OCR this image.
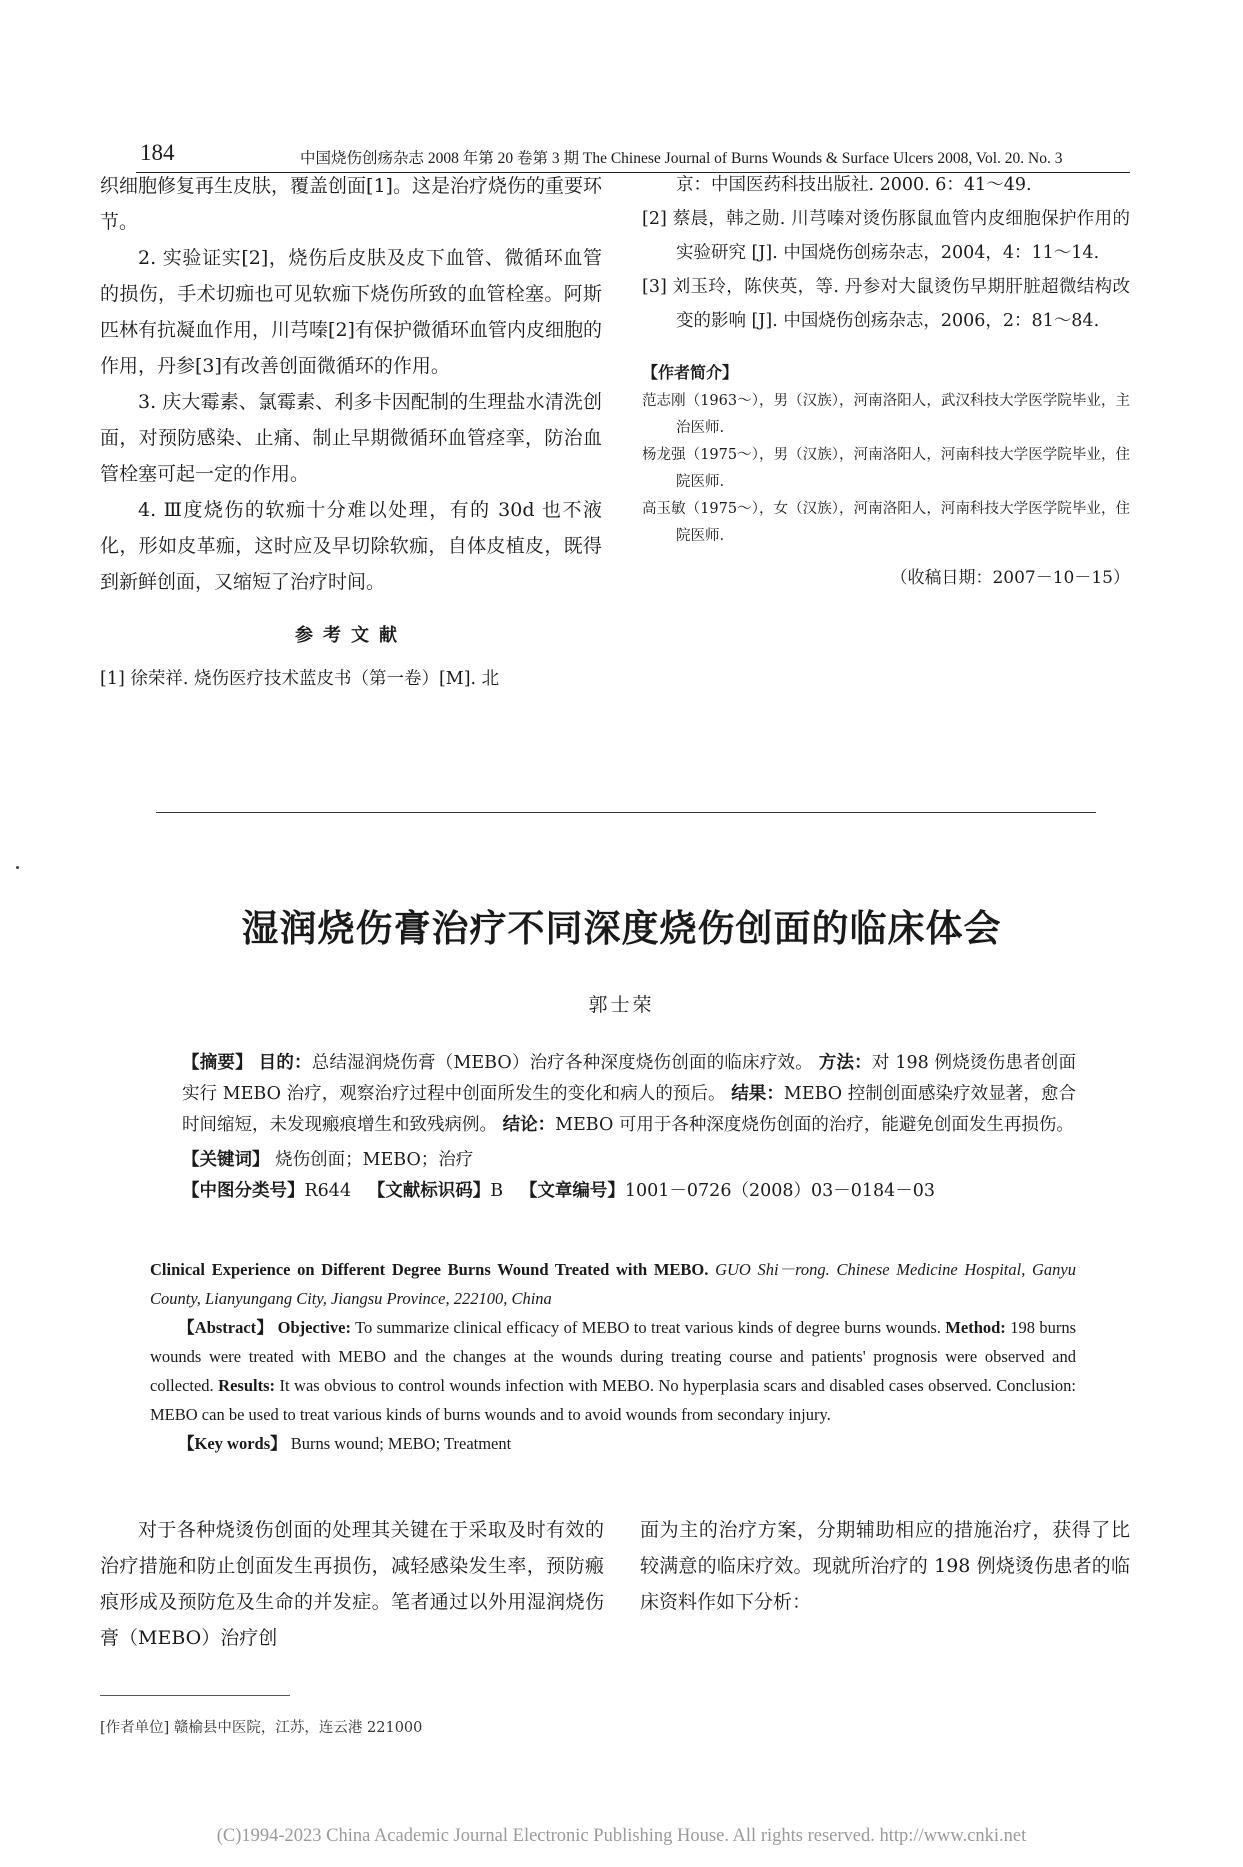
184	中国烧伤创疡杂志 2008 年第 20 卷第 3 期 The Chinese Journal of Burns Wounds & Surface Ulcers 2008, Vol. 20. No. 3

织细胞修复再生皮肤，覆盖创面[1]。这是治疗烧伤的重要环节。

2. 实验证实[2]，烧伤后皮肤及皮下血管、微循环血管的损伤，手术切痂也可见软痂下烧伤所致的血管栓塞。阿斯匹林有抗凝血作用，川芎嗪[2]有保护微循环血管内皮细胞的作用，丹参[3]有改善创面微循环的作用。

3. 庆大霉素、氯霉素、利多卡因配制的生理盐水清洗创面，对预防感染、止痛、制止早期微循环血管痉挛，防治血管栓塞可起一定的作用。

4. Ⅲ度烧伤的软痂十分难以处理，有的 30d 也不液化，形如皮革痂，这时应及早切除软痂，自体皮植皮，既得到新鲜创面，又缩短了治疗时间。

参考文献
[1] 徐荣祥. 烧伤医疗技术蓝皮书（第一卷）[M]. 北
京：中国医药科技出版社. 2000. 6：41～49.
[2] 蔡晨，韩之勋. 川芎嗪对烫伤豚鼠血管内皮细胞保护作用的实验研究 [J]. 中国烧伤创疡杂志，2004，4：11～14.
[3] 刘玉玲，陈侠英，等. 丹参对大鼠烫伤早期肝脏超微结构改变的影响 [J]. 中国烧伤创疡杂志，2006，2：81～84.
【作者简介】
范志刚（1963～），男（汉族），河南洛阳人，武汉科技大学医学院毕业，主治医师.
杨龙强（1975～），男（汉族），河南洛阳人，河南科技大学医学院毕业，住院医师.
高玉敏（1975～），女（汉族），河南洛阳人，河南科技大学医学院毕业，住院医师.
（收稿日期：2007－10－15）
湿润烧伤膏治疗不同深度烧伤创面的临床体会
郭士荣

【摘要】 目的：总结湿润烧伤膏（MEBO）治疗各种深度烧伤创面的临床疗效。 方法：对 198 例烧烫伤患者创面实行 MEBO 治疗，观察治疗过程中创面所发生的变化和病人的预后。 结果：MEBO 控制创面感染疗效显著，愈合时间缩短，未发现瘢痕增生和致残病例。 结论：MEBO 可用于各种深度烧伤创面的治疗，能避免创面发生再损伤。

【关键词】 烧伤创面；MEBO；治疗

【中图分类号】R644 【文献标识码】B 【文章编号】1001－0726（2008）03－0184－03

Clinical Experience on Different Degree Burns Wound Treated with MEBO. GUO Shi－rong. Chinese Medicine Hospital, Ganyu County, Lianyungang City, Jiangsu Province, 222100, China

【Abstract】 Objective: To summarize clinical efficacy of MEBO to treat various kinds of degree burns wounds. Method: 198 burns wounds were treated with MEBO and the changes at the wounds during treating course and patients' prognosis were observed and collected. Results: It was obvious to control wounds infection with MEBO. No hyperplasia scars and disabled cases observed. Conclusion: MEBO can be used to treat various kinds of burns wounds and to avoid wounds from secondary injury.

【Key words】 Burns wound; MEBO; Treatment

对于各种烧烫伤创面的处理其关键在于采取及时有效的治疗措施和防止创面发生再损伤，减轻感染发生率，预防瘢痕形成及预防危及生命的并发症。笔者通过以外用湿润烧伤膏（MEBO）治疗创

面为主的治疗方案，分期辅助相应的措施治疗，获得了比较满意的临床疗效。现就所治疗的 198 例烧烫伤患者的临床资料作如下分析：

[作者单位] 赣榆县中医院，江苏，连云港 221000
(C)1994-2023 China Academic Journal Electronic Publishing House. All rights reserved. http://www.cnki.net
